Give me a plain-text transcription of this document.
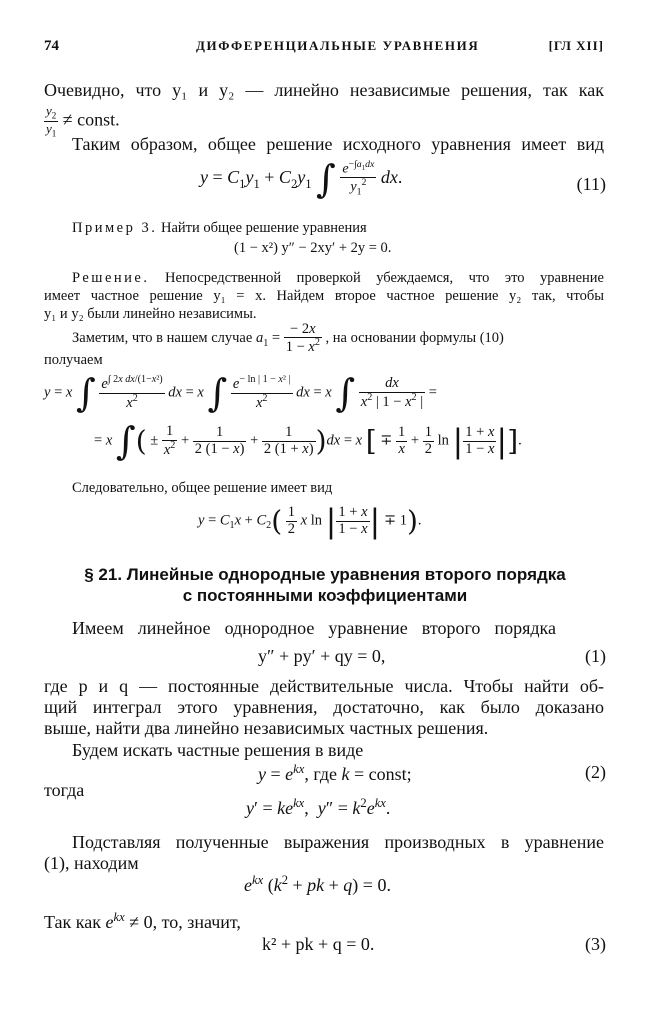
74	ДИФФЕРЕНЦИАЛЬНЫЕ УРАВНЕНИЯ	[ГЛ XII]
Очевидно, что y₁ и y₂ — линейно независимые решения, так как
$\frac{y_2}{y_1}$ ≠ const.
Таким образом, общее решение исходного уравнения имеет вид
$y = C_1y_1 + C_2y_1$ ∫ $\frac{e^{-\int a_1dx}}{y_1^2}$ dx.	(11)
Пример 3. Найти общее решение уравнения
(1 − x²) y″ − 2xy′ + 2y = 0.
Решение. Непосредственной проверкой убеждаемся, что это уравнение
имеет частное решение y₁ = x. Найдем второе частное решение y₂ так, чтобы
y₁ и y₂ были линейно независимы.
Заметим, что в нашем случае $a_1 = \frac{- 2x}{1 - x^2}$ , на основании формулы (10)
получаем
y = x ∫ $\frac{e^{\int 2x dx/(1-x^2)}}{x^2}$ dx = x ∫ $\frac{e^{- ln | 1 - x^2 |}}{x^2}$ dx = x ∫ $\frac{dx}{x^2 | 1 - x^2 |}$ =
= x ∫( ± $\frac{1}{x^2} + \frac{1}{2 (1 - x)} + \frac{1}{2 (1 + x)} )dx = x$ [ ∓ $\frac{1}{x} + \frac{1}{2}$ ln | $\frac{1 + x}{1 - x}$ |].
Следовательно, общее решение имеет вид
$y = C_1x + C_2( \frac{1}{2}$ x ln | $\frac{1 + x}{1 - x}$ | ∓ 1).
§ 21. Линейные однородные уравнения второго порядка
с постоянными коэффициентами
Имеем линейное однородное уравнение второго порядка
y″ + py′ + qy = 0,	(1)
где p и q — постоянные действительные числа. Чтобы найти об-
щий интеграл этого уравнения, достаточно, как было доказано
выше, найти два линейно независимых частных решения.
Будем искать частные решения в виде
$y = e^{kx}$, где k = const;	(2)
тогда
$y' = ke^{kx}$,  $y'' = k^2e^{kx}$.
Подставляя полученные выражения производных в уравнение
(1), находим
$e^{kx}$ ($k^2$ + pk + q) = 0.
Так как $e^{kx} \ne 0$, то, значит,
k² + pk + q = 0.	(3)
